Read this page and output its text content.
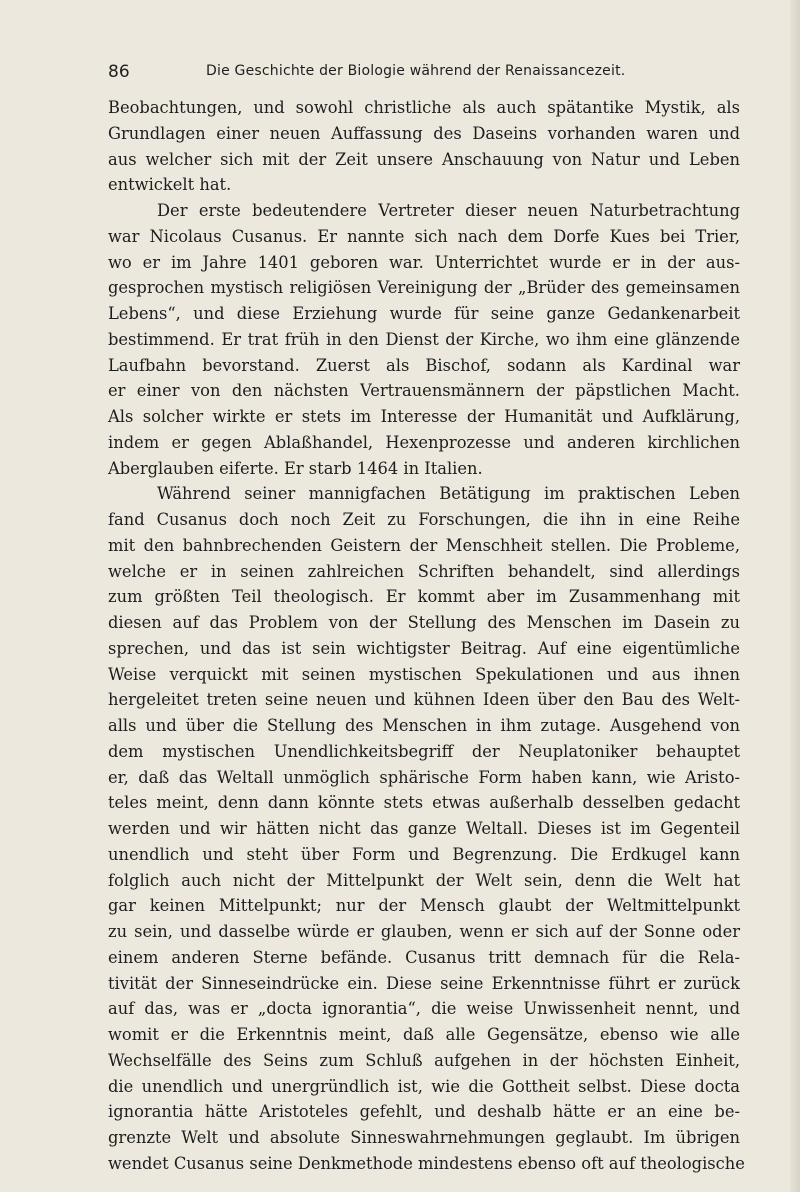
86	Die Geschichte der Biologie während der Renaissancezeit.
Beobachtungen, und sowohl christliche als auch spätantike Mystik, als
Grundlagen einer neuen Auffassung des Daseins vorhanden waren und
aus welcher sich mit der Zeit unsere Anschauung von Natur und Leben
entwickelt hat.
Der erste bedeutendere Vertreter dieser neuen Naturbetrachtung
war Nicolaus Cusanus. Er nannte sich nach dem Dorfe Kues bei Trier,
wo er im Jahre 1401 geboren war. Unterrichtet wurde er in der aus-
gesprochen mystisch religiösen Vereinigung der „Brüder des gemeinsamen
Lebens“, und diese Erziehung wurde für seine ganze Gedankenarbeit
bestimmend. Er trat früh in den Dienst der Kirche, wo ihm eine glänzende
Laufbahn bevorstand. Zuerst als Bischof, sodann als Kardinal war
er einer von den nächsten Vertrauensmännern der päpstlichen Macht.
Als solcher wirkte er stets im Interesse der Humanität und Aufklärung,
indem er gegen Ablaßhandel, Hexenprozesse und anderen kirchlichen
Aberglauben eiferte. Er starb 1464 in Italien.
Während seiner mannigfachen Betätigung im praktischen Leben
fand Cusanus doch noch Zeit zu Forschungen, die ihn in eine Reihe
mit den bahnbrechenden Geistern der Menschheit stellen. Die Probleme,
welche er in seinen zahlreichen Schriften behandelt, sind allerdings
zum größten Teil theologisch. Er kommt aber im Zusammenhang mit
diesen auf das Problem von der Stellung des Menschen im Dasein zu
sprechen, und das ist sein wichtigster Beitrag. Auf eine eigentümliche
Weise verquickt mit seinen mystischen Spekulationen und aus ihnen
hergeleitet treten seine neuen und kühnen Ideen über den Bau des Welt-
alls und über die Stellung des Menschen in ihm zutage. Ausgehend von
dem mystischen Unendlichkeitsbegriff der Neuplatoniker behauptet
er, daß das Weltall unmöglich sphärische Form haben kann, wie Aristo-
teles meint, denn dann könnte stets etwas außerhalb desselben gedacht
werden und wir hätten nicht das ganze Weltall. Dieses ist im Gegenteil
unendlich und steht über Form und Begrenzung. Die Erdkugel kann
folglich auch nicht der Mittelpunkt der Welt sein, denn die Welt hat
gar keinen Mittelpunkt; nur der Mensch glaubt der Weltmittelpunkt
zu sein, und dasselbe würde er glauben, wenn er sich auf der Sonne oder
einem anderen Sterne befände. Cusanus tritt demnach für die Rela-
tivität der Sinneseindrücke ein. Diese seine Erkenntnisse führt er zurück
auf das, was er „docta ignorantia“, die weise Unwissenheit nennt, und
womit er die Erkenntnis meint, daß alle Gegensätze, ebenso wie alle
Wechselfälle des Seins zum Schluß aufgehen in der höchsten Einheit,
die unendlich und unergründlich ist, wie die Gottheit selbst. Diese docta
ignorantia hätte Aristoteles gefehlt, und deshalb hätte er an eine be-
grenzte Welt und absolute Sinneswahrnehmungen geglaubt. Im übrigen
wendet Cusanus seine Denkmethode mindestens ebenso oft auf theologische
